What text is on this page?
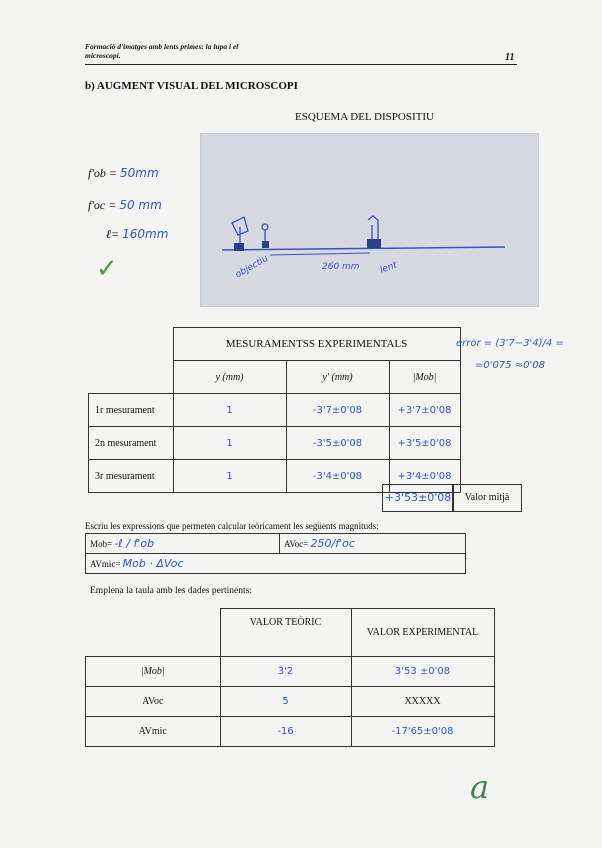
Formació d'imatges amb lents primes: la lupa i el
microscopi.	11
b) AUGMENT VISUAL DEL MICROSCOPI
ESQUEMA DEL DISPOSITIU
objectiu	260 mm lent
f'ob = 50mm
f'oc = 50 mm
ℓ= 160mm
✓
error = (3'7−3'4)/4 =
=0'075 ≈0'08
	MESURAMENTSS EXPERIMENTALS		
	y (mm)	y' (mm)	|Mob|
1r mesurament	1	-3'7±0'08	+3'7±0'08
2n mesurament	1	-3'5±0'08	+3'5±0'08
3r mesurament	1	-3'4±0'08	+3'4±0'08
+3'53±0'08	Valor mitjà
Escriu les expressions que permeten calcular teòricament les següents magnituds:
Mob= -ℓ / f'ob	AVoc= 250/f'oc
AVmic= Mob · ΔVoc
Emplena la taula amb les dades pertinents:
	VALOR TEÒRIC	VALOR EXPERIMENTAL
|Mob|	3'2	3'53 ±0'08
AVoc	5	XXXXX
AVmic	-16	-17'65±0'08
a
